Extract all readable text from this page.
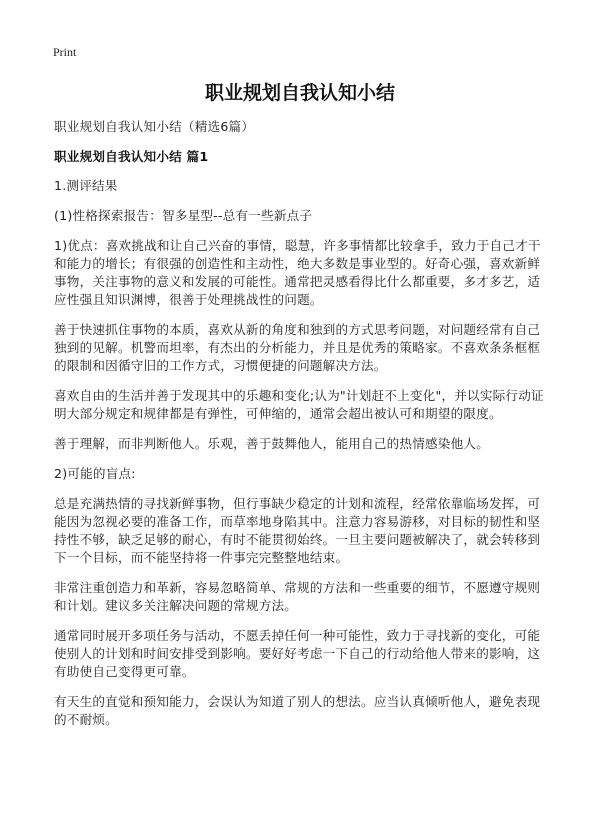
Print
职业规划自我认知小结

职业规划自我认知小结（精选6篇）

职业规划自我认知小结 篇1

1.测评结果

(1)性格探索报告：智多星型--总有一些新点子

1)优点：喜欢挑战和让自己兴奋的事情，聪慧，许多事情都比较拿手，致力于自己才干和能力的增长；有很强的创造性和主动性，绝大多数是事业型的。好奇心强，喜欢新鲜事物，关注事物的意义和发展的可能性。通常把灵感看得比什么都重要，多才多艺，适应性强且知识渊博，很善于处理挑战性的问题。

善于快速抓住事物的本质，喜欢从新的角度和独到的方式思考问题，对问题经常有自己独到的见解。机警而坦率，有杰出的分析能力，并且是优秀的策略家。不喜欢条条框框的限制和因循守旧的工作方式，习惯便捷的问题解决方法。

喜欢自由的生活并善于发现其中的乐趣和变化;认为"计划赶不上变化"，并以实际行动证明大部分规定和规律都是有弹性，可伸缩的，通常会超出被认可和期望的限度。

善于理解，而非判断他人。乐观，善于鼓舞他人，能用自己的热情感染他人。

2)可能的盲点:

总是充满热情的寻找新鲜事物，但行事缺少稳定的计划和流程，经常依靠临场发挥，可能因为忽视必要的准备工作，而草率地身陷其中。注意力容易游移，对目标的韧性和坚持性不够，缺乏足够的耐心，有时不能贯彻始终。一旦主要问题被解决了，就会转移到下一个目标，而不能坚持将一件事完完整整地结束。

非常注重创造力和革新，容易忽略简单、常规的方法和一些重要的细节，不愿遵守规则和计划。建议多关注解决问题的常规方法。

通常同时展开多项任务与活动，不愿丢掉任何一种可能性，致力于寻找新的变化，可能使别人的计划和时间安排受到影响。要好好考虑一下自己的行动给他人带来的影响，这有助使自己变得更可靠。

有天生的直觉和预知能力，会误认为知道了别人的想法。应当认真倾听他人，避免表现的不耐烦。
